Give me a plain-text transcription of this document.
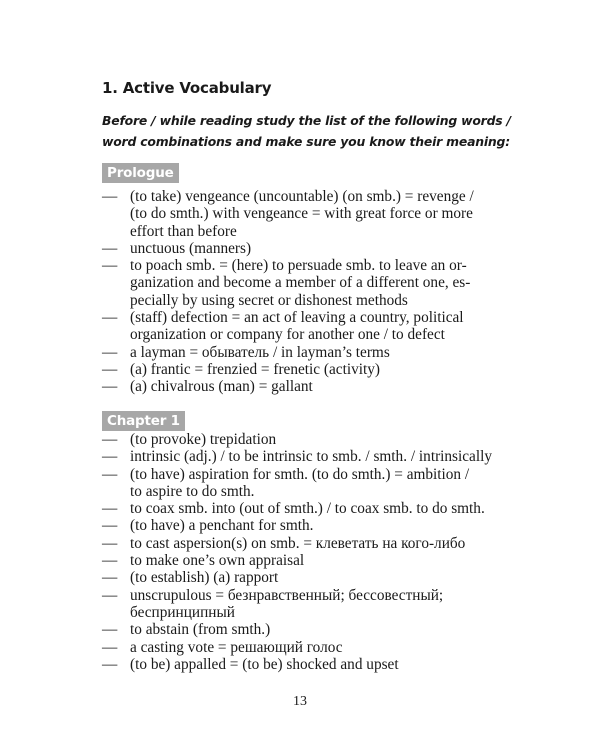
1. Active Vocabulary
Before / while reading study the list of the following words /
word combinations and make sure you know their meaning:
Prologue
— (to take) vengeance (uncountable) (on smb.) = revenge /
(to do smth.) with vengeance = with great force or more
effort than before
— unctuous (manners)
— to poach smb. = (here) to persuade smb. to leave an or-
ganization and become a member of a different one, es-
pecially by using secret or dishonest methods
— (staff) defection = an act of leaving a country, political
organization or company for another one / to defect
— a layman = обыватель / in layman’s terms
— (a) frantic = frenzied = frenetic (activity)
— (a) chivalrous (man) = gallant
Chapter 1
— (to provoke) trepidation
— intrinsic (adj.) / to be intrinsic to smb. / smth. / intrinsically
— (to have) aspiration for smth. (to do smth.) = ambition /
to aspire to do smth.
— to coax smb. into (out of smth.) / to coax smb. to do smth.
— (to have) a penchant for smth.
— to cast aspersion(s) on smb. = клеветать на кого-либо
— to make one’s own appraisal
— (to establish) (a) rapport
— unscrupulous = безнравственный; бессовестный;
беспринципный
— to abstain (from smth.)
— a casting vote = решающий голос
— (to be) appalled = (to be) shocked and upset
13
